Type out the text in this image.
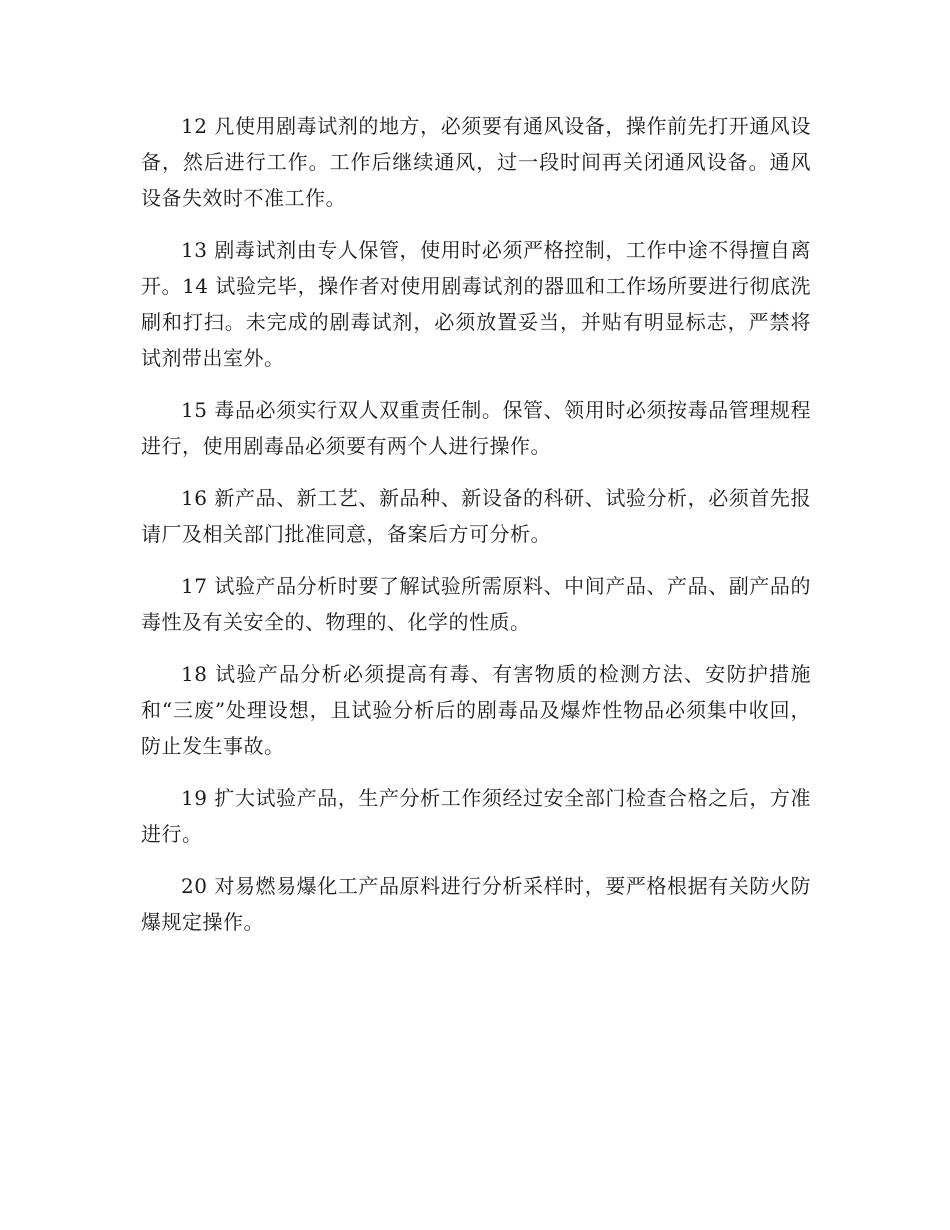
12 凡使用剧毒试剂的地方，必须要有通风设备，操作前先打开通风设备，然后进行工作。工作后继续通风，过一段时间再关闭通风设备。通风设备失效时不准工作。

13 剧毒试剂由专人保管，使用时必须严格控制，工作中途不得擅自离开。14 试验完毕，操作者对使用剧毒试剂的器皿和工作场所要进行彻底洗刷和打扫。未完成的剧毒试剂，必须放置妥当，并贴有明显标志，严禁将试剂带出室外。

15 毒品必须实行双人双重责任制。保管、领用时必须按毒品管理规程进行，使用剧毒品必须要有两个人进行操作。

16 新产品、新工艺、新品种、新设备的科研、试验分析，必须首先报请厂及相关部门批准同意，备案后方可分析。

17 试验产品分析时要了解试验所需原料、中间产品、产品、副产品的毒性及有关安全的、物理的、化学的性质。

18 试验产品分析必须提高有毒、有害物质的检测方法、安防护措施和“三废”处理设想，且试验分析后的剧毒品及爆炸性物品必须集中收回，防止发生事故。

19 扩大试验产品，生产分析工作须经过安全部门检查合格之后，方准进行。

20 对易燃易爆化工产品原料进行分析采样时，要严格根据有关防火防爆规定操作。
